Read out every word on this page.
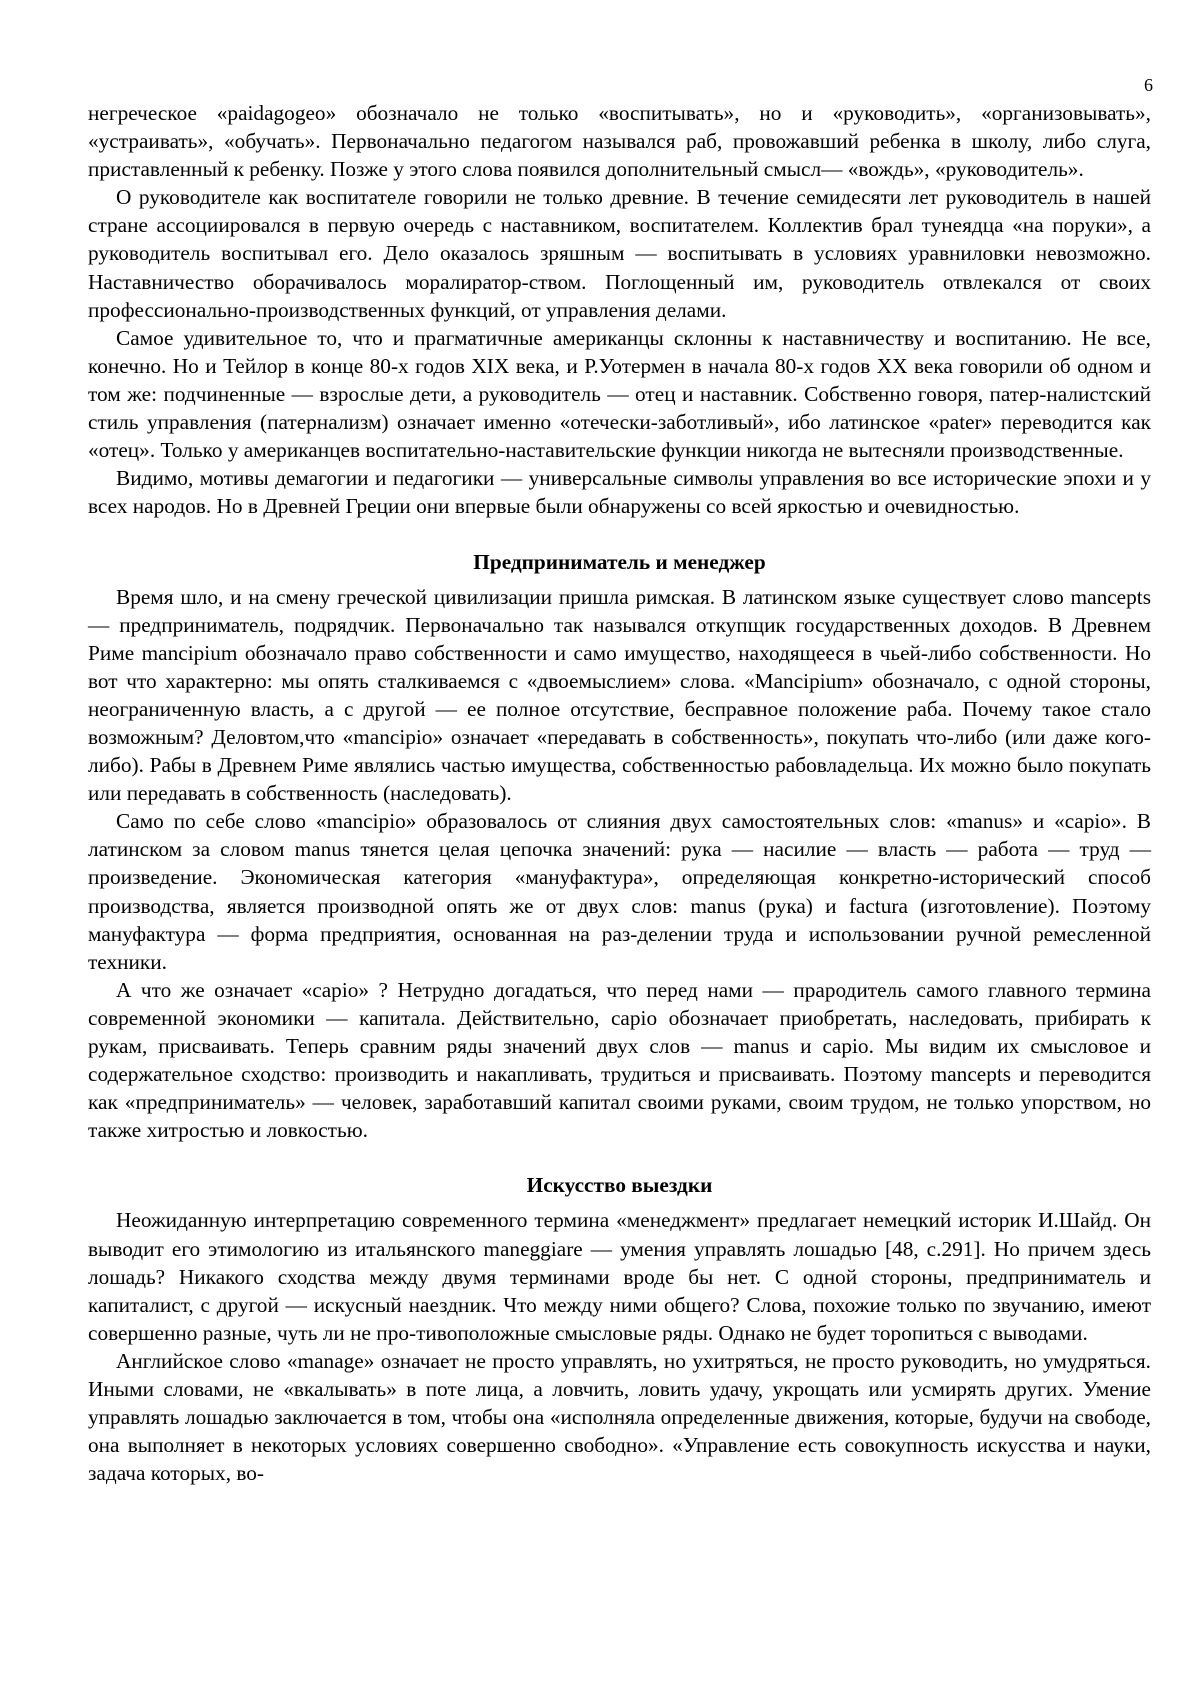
6

негреческое «paidagogeo» обозначало не только «воспитывать», но и «руководить», «организовывать», «устраивать», «обучать». Первоначально педагогом назывался раб, провожавший ребенка в школу, либо слуга, приставленный к ребенку. Позже у этого слова появился дополнительный смысл— «вождь», «руководитель».

О руководителе как воспитателе говорили не только древние. В течение семидесяти лет руководитель в нашей стране ассоциировался в первую очередь с наставником, воспитателем. Коллектив брал тунеядца «на поруки», а руководитель воспитывал его. Дело оказалось зряшным — воспитывать в условиях уравниловки невозможно. Наставничество оборачивалось моралиpатор-ством. Поглощенный им, руководитель отвлекался от своих профессионально-производственных функций, от управления делами.

Самое удивительное то, что и прагматичные американцы склонны к наставничеству и воспитанию. Не все, конечно. Но и Тейлор в конце 80-х годов XIX века, и Р.Уотермен в начала 80-х годов XX века говорили об одном и том же: подчиненные — взрослые дети, а руководитель — отец и наставник. Собственно говоря, патер-налистский стиль управления (патернализм) означает именно «отечески-заботливый», ибо латинское «pater» переводится как «отец». Только у американцев воспитательно-наставительские функции никогда не вытесняли производственные.

Видимо, мотивы демагогии и педагогики — универсальные символы управления во все исторические эпохи и у всех народов. Но в Древней Греции они впервые были обнаружены со всей яркостью и очевидностью.

Предприниматель и менеджер

Время шло, и на смену греческой цивилизации пришла римская. В латинском языке существует слово mancepts — предприниматель, подрядчик. Первоначально так назывался откупщик государственных доходов. В Древнем Риме mancipium обозначало право собственности и само имущество, находящееся в чьей-либо собственности. Но вот что характерно: мы опять сталкиваемся с «двоемыслием» слова. «Mancipium» обозначало, с одной стороны, неограниченную власть, а с другой — ее полное отсутствие, бесправное положение раба. Почему такое стало возможным? Деловтом,что «mancipio» означает «передавать в собственность», покупать что-либо (или даже кого-либо). Рабы в Древнем Риме являлись частью имущества, собственностью рабовладельца. Их можно было покупать или передавать в собственность (наследовать).

Само по себе слово «mancipio» образовалось от слияния двух самостоятельных слов: «manus» и «capio». В латинском за словом manus тянется целая цепочка значений: рука — насилие — власть — работа — труд — произведение. Экономическая категория «мануфактура», определяющая конкретно-исторический способ производства, является производной опять же от двух слов: manus (рука) и factura (изготовление). Поэтому мануфактура — форма предприятия, основанная на раз-делении труда и использовании ручной ремесленной техники.

А что же означает «capio» ? Нетрудно догадаться, что перед нами — прародитель самого главного термина современной экономики — капитала. Действительно, capio обозначает приобретать, наследовать, прибирать к рукам, присваивать. Теперь сравним ряды значений двух слов — manus и capio. Мы видим их смысловое и содержательное сходство: производить и накапливать, трудиться и присваивать. Поэтому mancepts и переводится как «предприниматель» — человек, заработавший капитал своими руками, своим трудом, не только упорством, но также хитростью и ловкостью.

Искусство выездки

Неожиданную интерпретацию современного термина «менеджмент» предлагает немецкий историк И.Шайд. Он выводит его этимологию из итальянского maneggiare — умения управлять лошадью [48, с.291]. Но причем здесь лошадь? Никакого сходства между двумя терминами вроде бы нет. С одной стороны, предприниматель и капиталист, с другой — искусный наездник. Что между ними общего? Слова, похожие только по звучанию, имеют совершенно разные, чуть ли не про-тивоположные смысловые ряды. Однако не будет торопиться с выводами.

Английское слово «manage» означает не просто управлять, но ухитряться, не просто руководить, но умудряться. Иными словами, не «вкалывать» в поте лица, а ловчить, ловить удачу, укрощать или усмирять других. Умение управлять лошадью заключается в том, чтобы она «исполняла определенные движения, которые, будучи на свободе, она выполняет в некоторых условиях совершенно свободно». «Управление есть совокупность искусства и науки, задача которых, во-
